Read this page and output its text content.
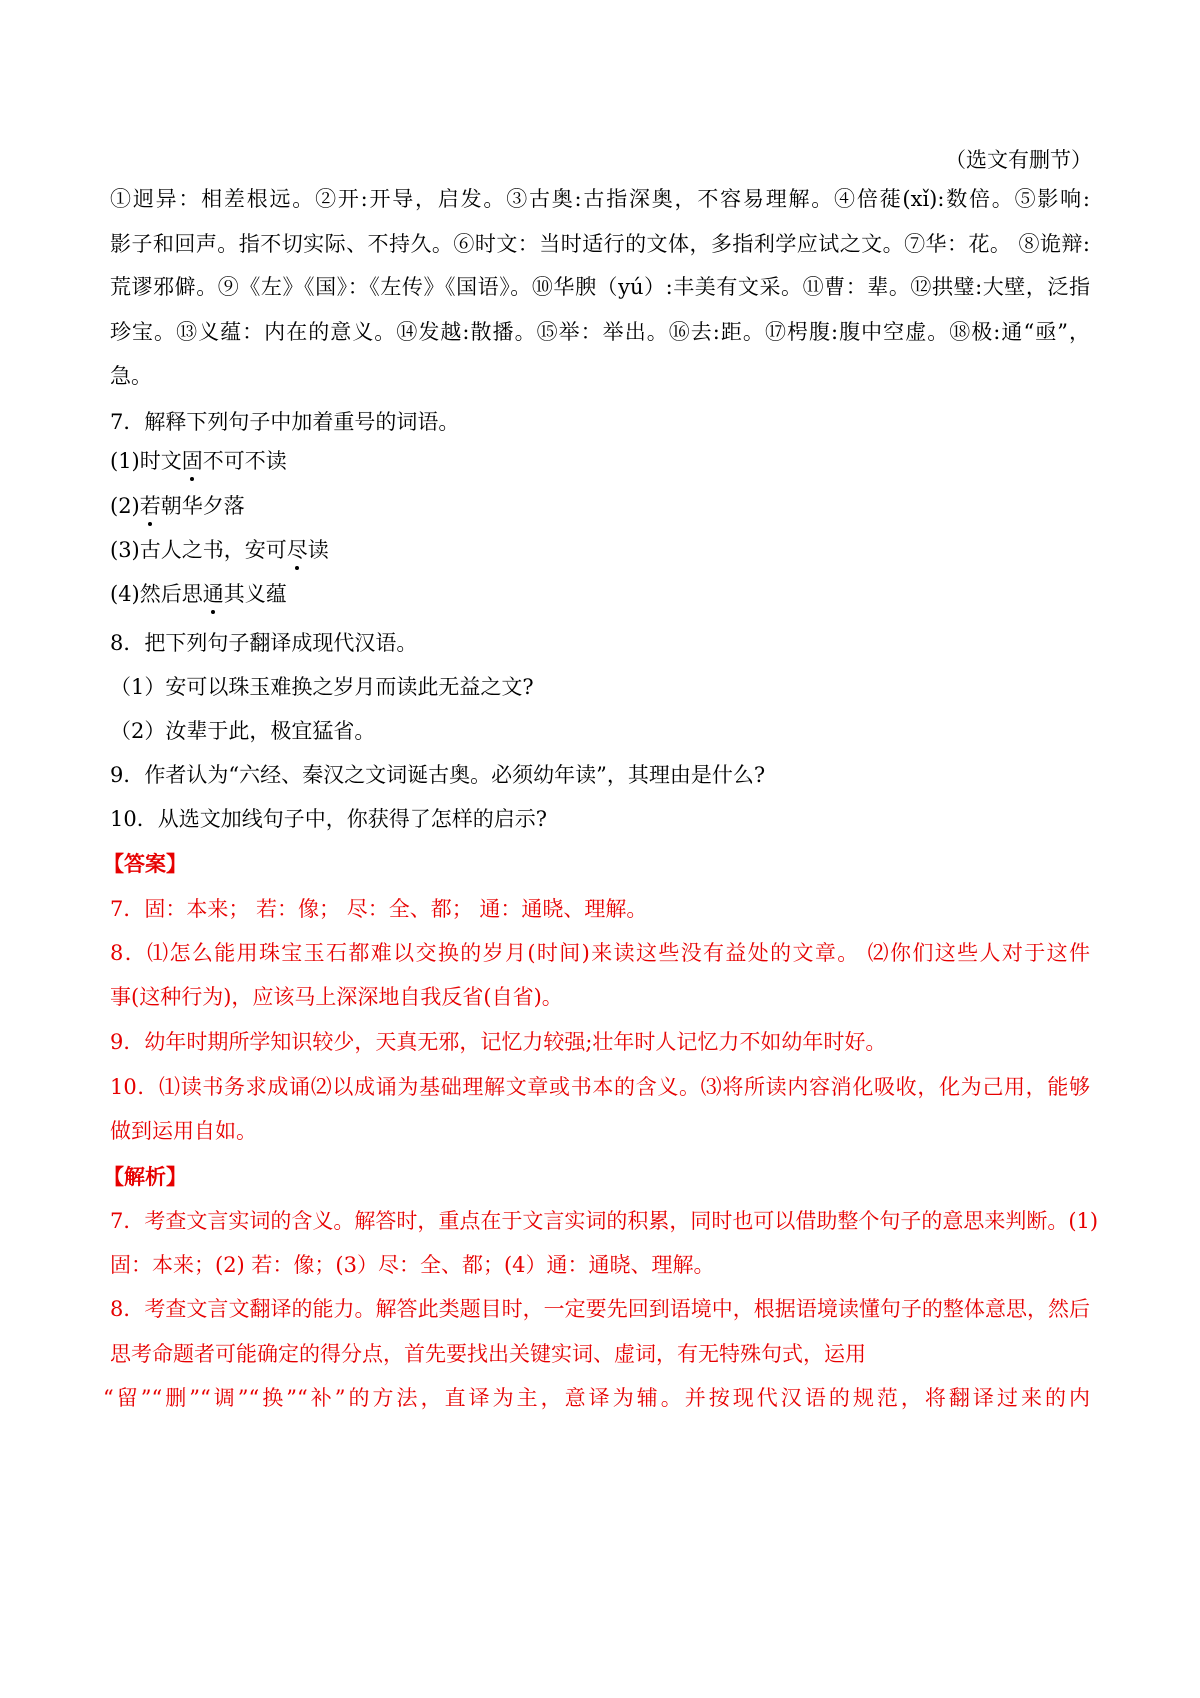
（选文有删节）
①迥异：相差根远。②开:开导，启发。③古奥:古指深奥，不容易理解。④倍蓰(xǐ):数倍。⑤影响:
影子和回声。指不切实际、不持久。⑥时文：当时适行的文体，多指利学应试之文。⑦华：花。 ⑧诡辩:
荒谬邪僻。⑨《左》《国》：《左传》《国语》。⑩华腴（yú）:丰美有文采。⑪曹：辈。⑫拱璧:大壁，泛指
珍宝。⑬义蕴：内在的意义。⑭发越:散播。⑮举：举出。⑯去:距。⑰枵腹:腹中空虚。⑱极:通“亟”，
急。
7．解释下列句子中加着重号的词语。
(1)时文固不可不读
(2)若朝华夕落
(3)古人之书，安可尽读
(4)然后思通其义蕴
8．把下列句子翻译成现代汉语。
（1）安可以珠玉难换之岁月而读此无益之文?
（2）汝辈于此，极宜猛省。
9．作者认为“六经、秦汉之文词诞古奥。必须幼年读”，其理由是什么?
10．从选文加线句子中，你获得了怎样的启示?
【答案】
7．固：本来； 若：像； 尽：全、都； 通：通晓、理解。
8．⑴怎么能用珠宝玉石都难以交换的岁月(时间)来读这些没有益处的文章。 ⑵你们这些人对于这件
事(这种行为)，应该马上深深地自我反省(自省)。
9．幼年时期所学知识较少，天真无邪，记忆力较强;壮年时人记忆力不如幼年时好。
10．⑴读书务求成诵⑵以成诵为基础理解文章或书本的含义。⑶将所读内容消化吸收，化为己用，能够
做到运用自如。
【解析】
7．考查文言实词的含义。解答时，重点在于文言实词的积累，同时也可以借助整个句子的意思来判断。(1)
固：本来；(2) 若：像；(3）尽：全、都；(4）通：通晓、理解。
8．考查文言文翻译的能力。解答此类题目时，一定要先回到语境中，根据语境读懂句子的整体意思，然后
思考命题者可能确定的得分点，首先要找出关键实词、虚词，有无特殊句式，运用
“留”“删”“调”“换”“补”的方法，直译为主，意译为辅。并按现代汉语的规范，将翻译过来的内
